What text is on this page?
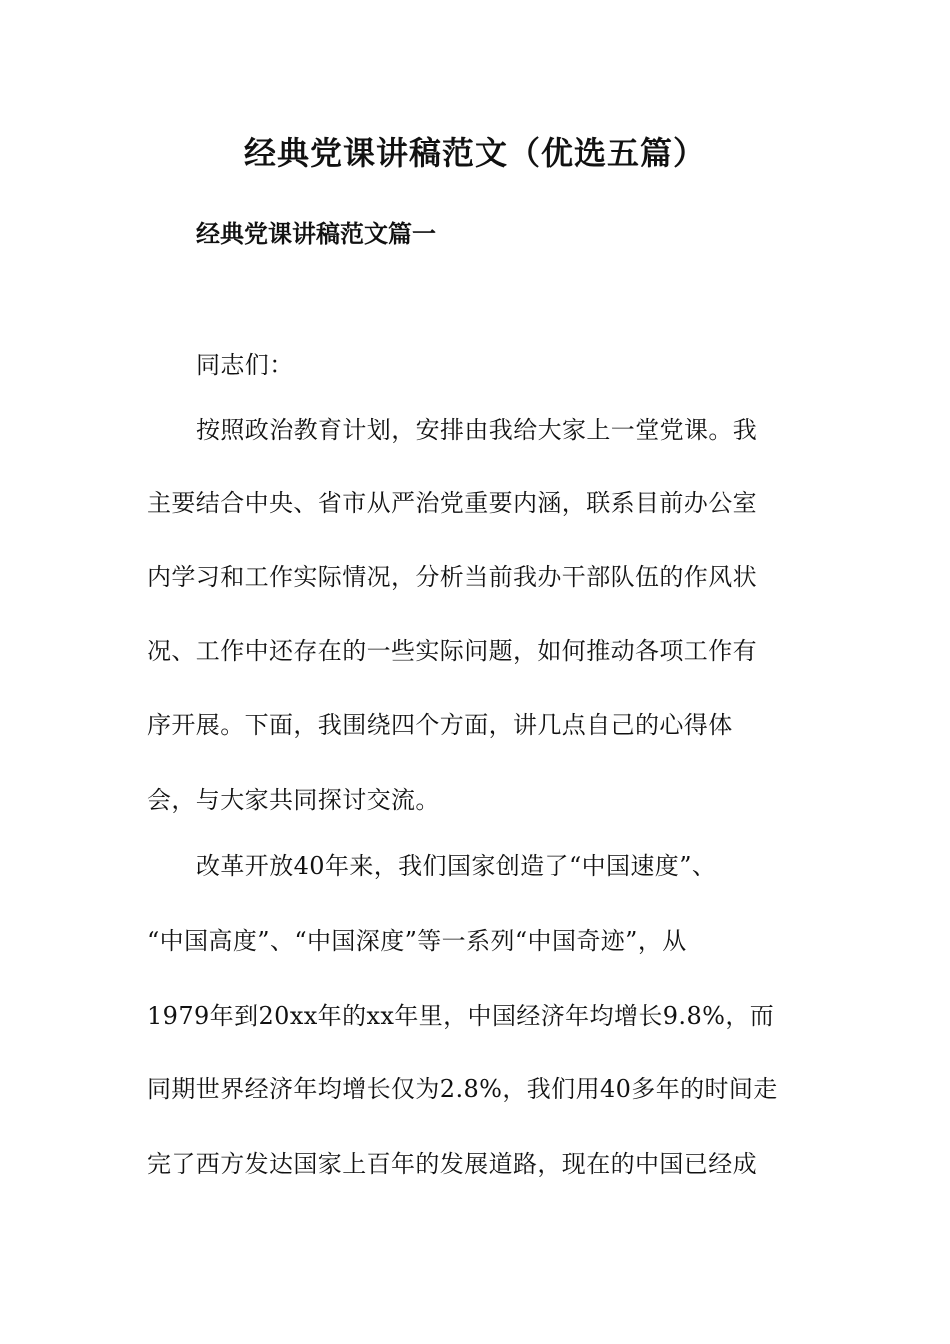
经典党课讲稿范文（优选五篇）
经典党课讲稿范文篇一
同志们：
按照政治教育计划，安排由我给大家上一堂党课。我
主要结合中央、省市从严治党重要内涵，联系目前办公室
内学习和工作实际情况，分析当前我办干部队伍的作风状
况、工作中还存在的一些实际问题，如何推动各项工作有
序开展。下面，我围绕四个方面，讲几点自己的心得体
会，与大家共同探讨交流。
改革开放40年来，我们国家创造了“中国速度”、
“中国高度”、“中国深度”等一系列“中国奇迹”，从
1979年到20xx年的xx年里，中国经济年均增长9.8%，而
同期世界经济年均增长仅为2.8%，我们用40多年的时间走
完了西方发达国家上百年的发展道路，现在的中国已经成
